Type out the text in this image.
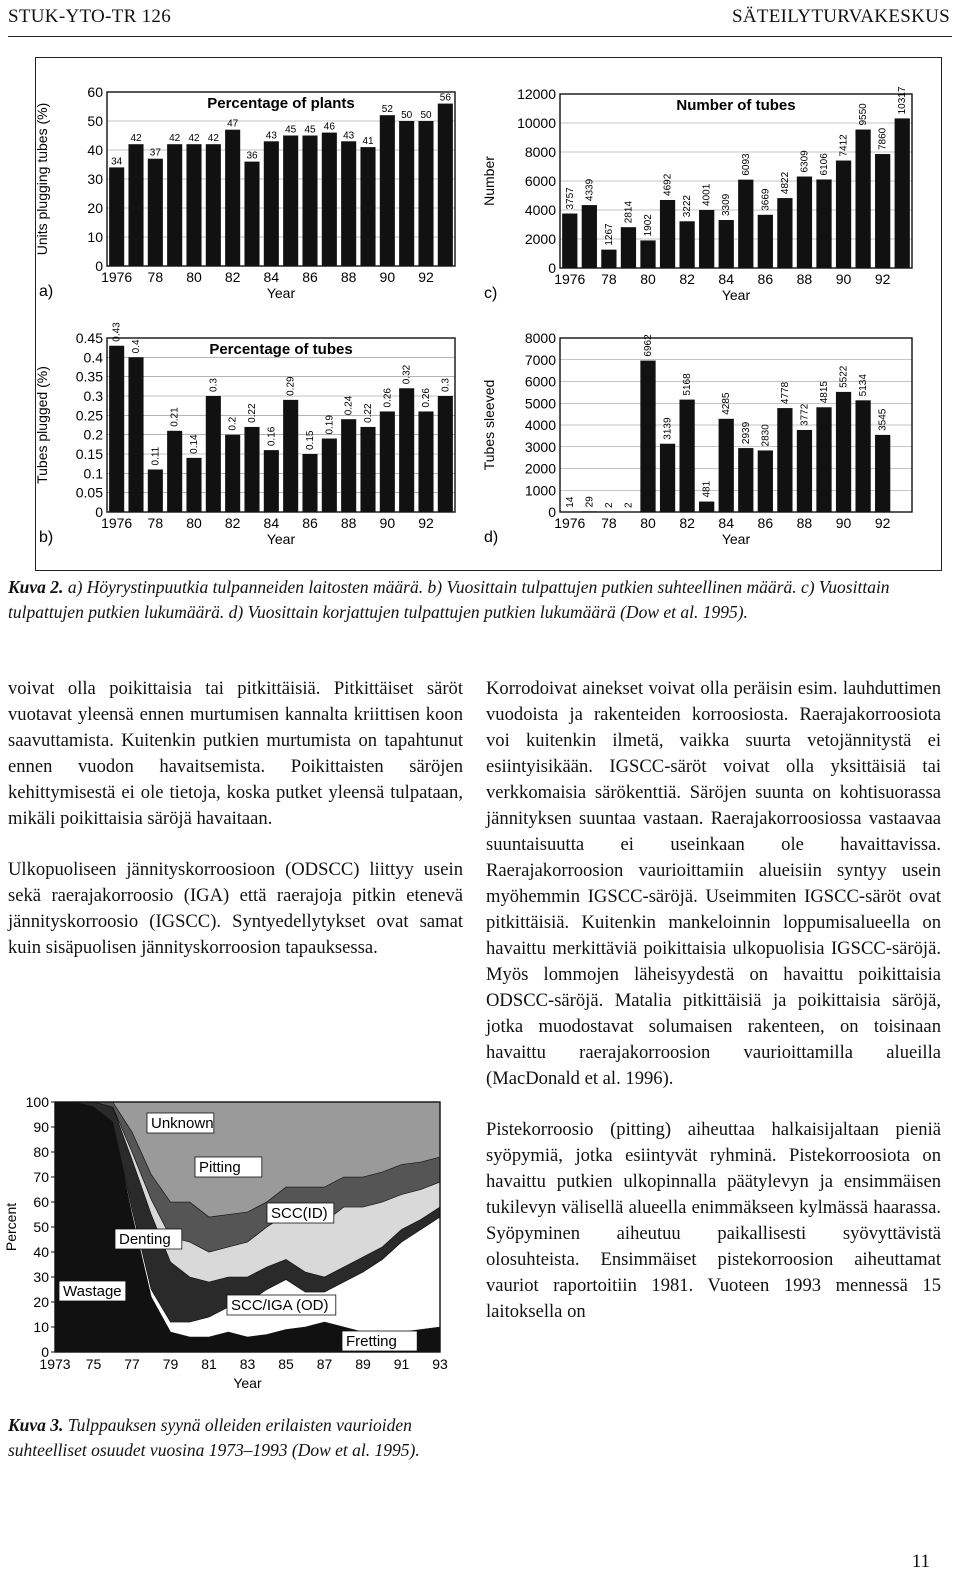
STUK-YTO-TR 126	SÄTEILYTURVAKESKUS
0
10
20
30
40
50
60
34
42
37
42 42 42
47
36
43
45 45 46
43
41
52
50 50
56
1976 78 80 82 84 86 88 90 92
Percentage of plants
Year
Units plugging tubes (%)
a)
0
0.05
0.1
0.15
0.2
0.25
0.3
0.35
0.4
0.45 0.43
0.4
0.11
0.21
0.14
0.3
0.2
0.22
0.16
0.29
0.15
0.19
0.24 0.22
0.26
0.32
0.26
0.3
1976 78 80 82 84 86 88 90 92
Percentage of tubes
Year
Tubes plugged (%)
b)
0
2000
4000
6000
8000
10000
12000
3757 4339
1267
2814
1902
4692
3222
4001 3309
6093
3669
4822
6309 6106
7412
9550
7860
10317
1976 78 80 82 84 86 88 90 92
Number of tubes
Year
Number
c)
0
1000
2000
3000
4000
5000
6000
7000
8000
14 29 2 2
6962
3139
5168
481
4285
2939 2830
4778
3772
4815
5522 5134
3545
1976 78 80 82 84 86 88 90 92
Year
Tubes sleeved
d)
Kuva 2. a) Höyrystinpuutkia tulpanneiden laitosten määrä. b) Vuosittain tulpattujen putkien suhteellinen määrä. c) Vuosittain tulpattujen putkien lukumäärä. d) Vuosittain korjattujen tulpattujen putkien lukumäärä (Dow et al. 1995).

voivat olla poikittaisia tai pitkittäisiä. Pitkittäiset säröt vuotavat yleensä ennen murtumisen kannalta kriittisen koon saavuttamista. Kuitenkin putkien murtumista on tapahtunut ennen vuodon havaitsemista. Poikittaisten säröjen kehittymisestä ei ole tietoja, koska putket yleensä tulpataan, mikäli poikittaisia säröjä havaitaan.

Ulkopuoliseen jännityskorroosioon (ODSCC) liittyy usein sekä raerajakorroosio (IGA) että raerajoja pitkin etenevä jännityskorroosio (IGSCC). Syntyedellytykset ovat samat kuin sisäpuolisen jännityskorroosion tapauksessa.

0
10
20
30
40
50
60
70
80
90
100
1973 75 77 79 81 83 85 87 89 91 93
Year
Percent
Unknown
Pitting
SCC(ID)
Denting
Wastage
SCC/IGA (OD)
Fretting
Kuva 3. Tulppauksen syynä olleiden erilaisten vaurioiden suhteelliset osuudet vuosina 1973–1993 (Dow et al. 1995).

Korrodoivat ainekset voivat olla peräisin esim. lauhduttimen vuodoista ja rakenteiden korroosiosta. Raerajakorroosiota voi kuitenkin ilmetä, vaikka suurta vetojännitystä ei esiintyisikään. IGSCC-säröt voivat olla yksittäisiä tai verkkomaisia särökenttiä. Säröjen suunta on kohtisuorassa jännityksen suuntaa vastaan. Raerajakorroosiossa vastaavaa suuntaisuutta ei useinkaan ole havaittavissa. Raerajakorroosion vaurioittamiin alueisiin syntyy usein myöhemmin IGSCC-säröjä. Useimmiten IGSCC-säröt ovat pitkittäisiä. Kuitenkin mankeloinnin loppumisalueella on havaittu merkittäviä poikittaisia ulkopuolisia IGSCC-säröjä. Myös lommojen läheisyydestä on havaittu poikittaisia ODSCC-säröjä. Matalia pitkittäisiä ja poikittaisia säröjä, jotka muodostavat solumaisen rakenteen, on toisinaan havaittu raerajakorroosion vaurioittamilla alueilla (MacDonald et al. 1996).

Pistekorroosio (pitting) aiheuttaa halkaisijaltaan pieniä syöpymiä, jotka esiintyvät ryhminä. Pistekorroosiota on havaittu putkien ulkopinnalla päätylevyn ja ensimmäisen tukilevyn välisellä alueella enimmäkseen kylmässä haarassa. Syöpyminen aiheutuu paikallisesti syövyttävistä olosuhteista. Ensimmäiset pistekorroosion aiheuttamat vauriot raportoitiin 1981. Vuoteen 1993 mennessä 15 laitoksella on

11
